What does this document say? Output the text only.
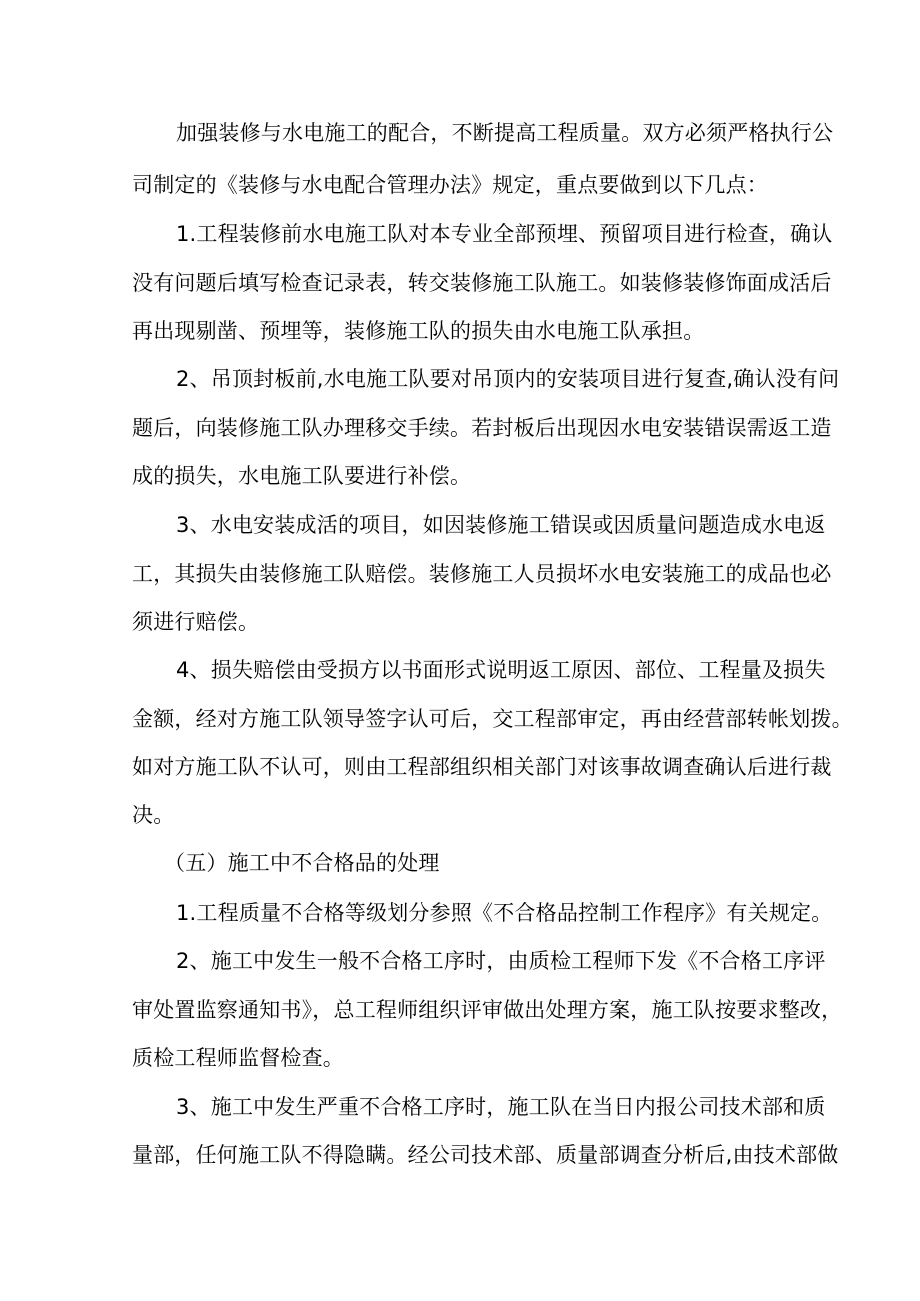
加强装修与水电施工的配合，不断提高工程质量。双方必须严格执行公
司制定的《装修与水电配合管理办法》规定，重点要做到以下几点：
1.工程装修前水电施工队对本专业全部预埋、预留项目进行检查，确认
没有问题后填写检查记录表，转交装修施工队施工。如装修装修饰面成活后
再出现剔凿、预埋等，装修施工队的损失由水电施工队承担。
2、吊顶封板前,水电施工队要对吊顶内的安装项目进行复查,确认没有问
题后，向装修施工队办理移交手续。若封板后出现因水电安装错误需返工造
成的损失，水电施工队要进行补偿。
3、水电安装成活的项目，如因装修施工错误或因质量问题造成水电返
工，其损失由装修施工队赔偿。装修施工人员损坏水电安装施工的成品也必
须进行赔偿。
4、损失赔偿由受损方以书面形式说明返工原因、部位、工程量及损失
金额，经对方施工队领导签字认可后，交工程部审定，再由经营部转帐划拨。
如对方施工队不认可，则由工程部组织相关部门对该事故调查确认后进行裁
决。
（五）施工中不合格品的处理
1.工程质量不合格等级划分参照《不合格品控制工作程序》有关规定。
2、施工中发生一般不合格工序时，由质检工程师下发《不合格工序评
审处置监察通知书》，总工程师组织评审做出处理方案，施工队按要求整改，
质检工程师监督检查。
3、施工中发生严重不合格工序时，施工队在当日内报公司技术部和质
量部，任何施工队不得隐瞒。经公司技术部、质量部调查分析后,由技术部做
